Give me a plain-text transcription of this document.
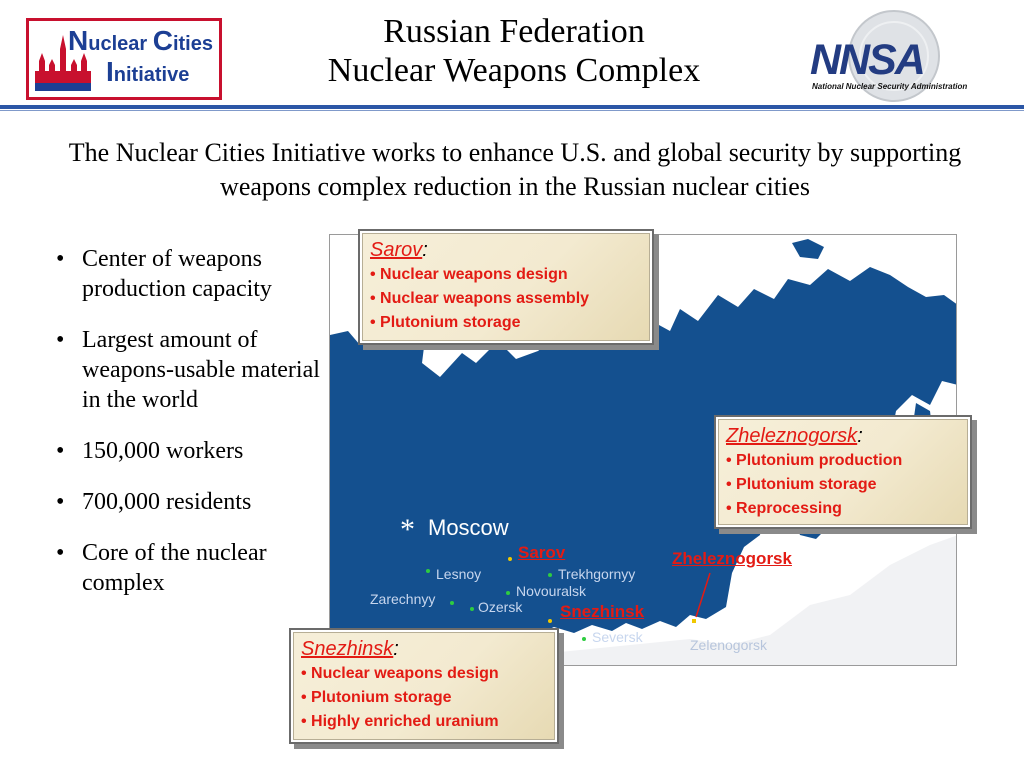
Nuclear Cities
Initiative
Russian Federation
Nuclear Weapons Complex	NNSA
National Nuclear Security Administration
The Nuclear Cities Initiative works to enhance U.S. and global security by supporting weapons complex reduction in the Russian nuclear cities
• Center of weapons production capacity
• Largest amount of weapons-usable material in the world
• 150,000 workers
• 700,000 residents
• Core of the nuclear complex
* Moscow
Sarov
Lesnoy	Trekhgornyy
Novouralsk
Zarechnyy	Ozersk Snezhinsk
Seversk
Zheleznogorsk
Zelenogorsk
Sarov:
• Nuclear weapons design
• Nuclear weapons assembly
• Plutonium storage
Zheleznogorsk:
• Plutonium production
• Plutonium storage
• Reprocessing
Snezhinsk:
• Nuclear weapons design
• Plutonium storage
• Highly enriched uranium
